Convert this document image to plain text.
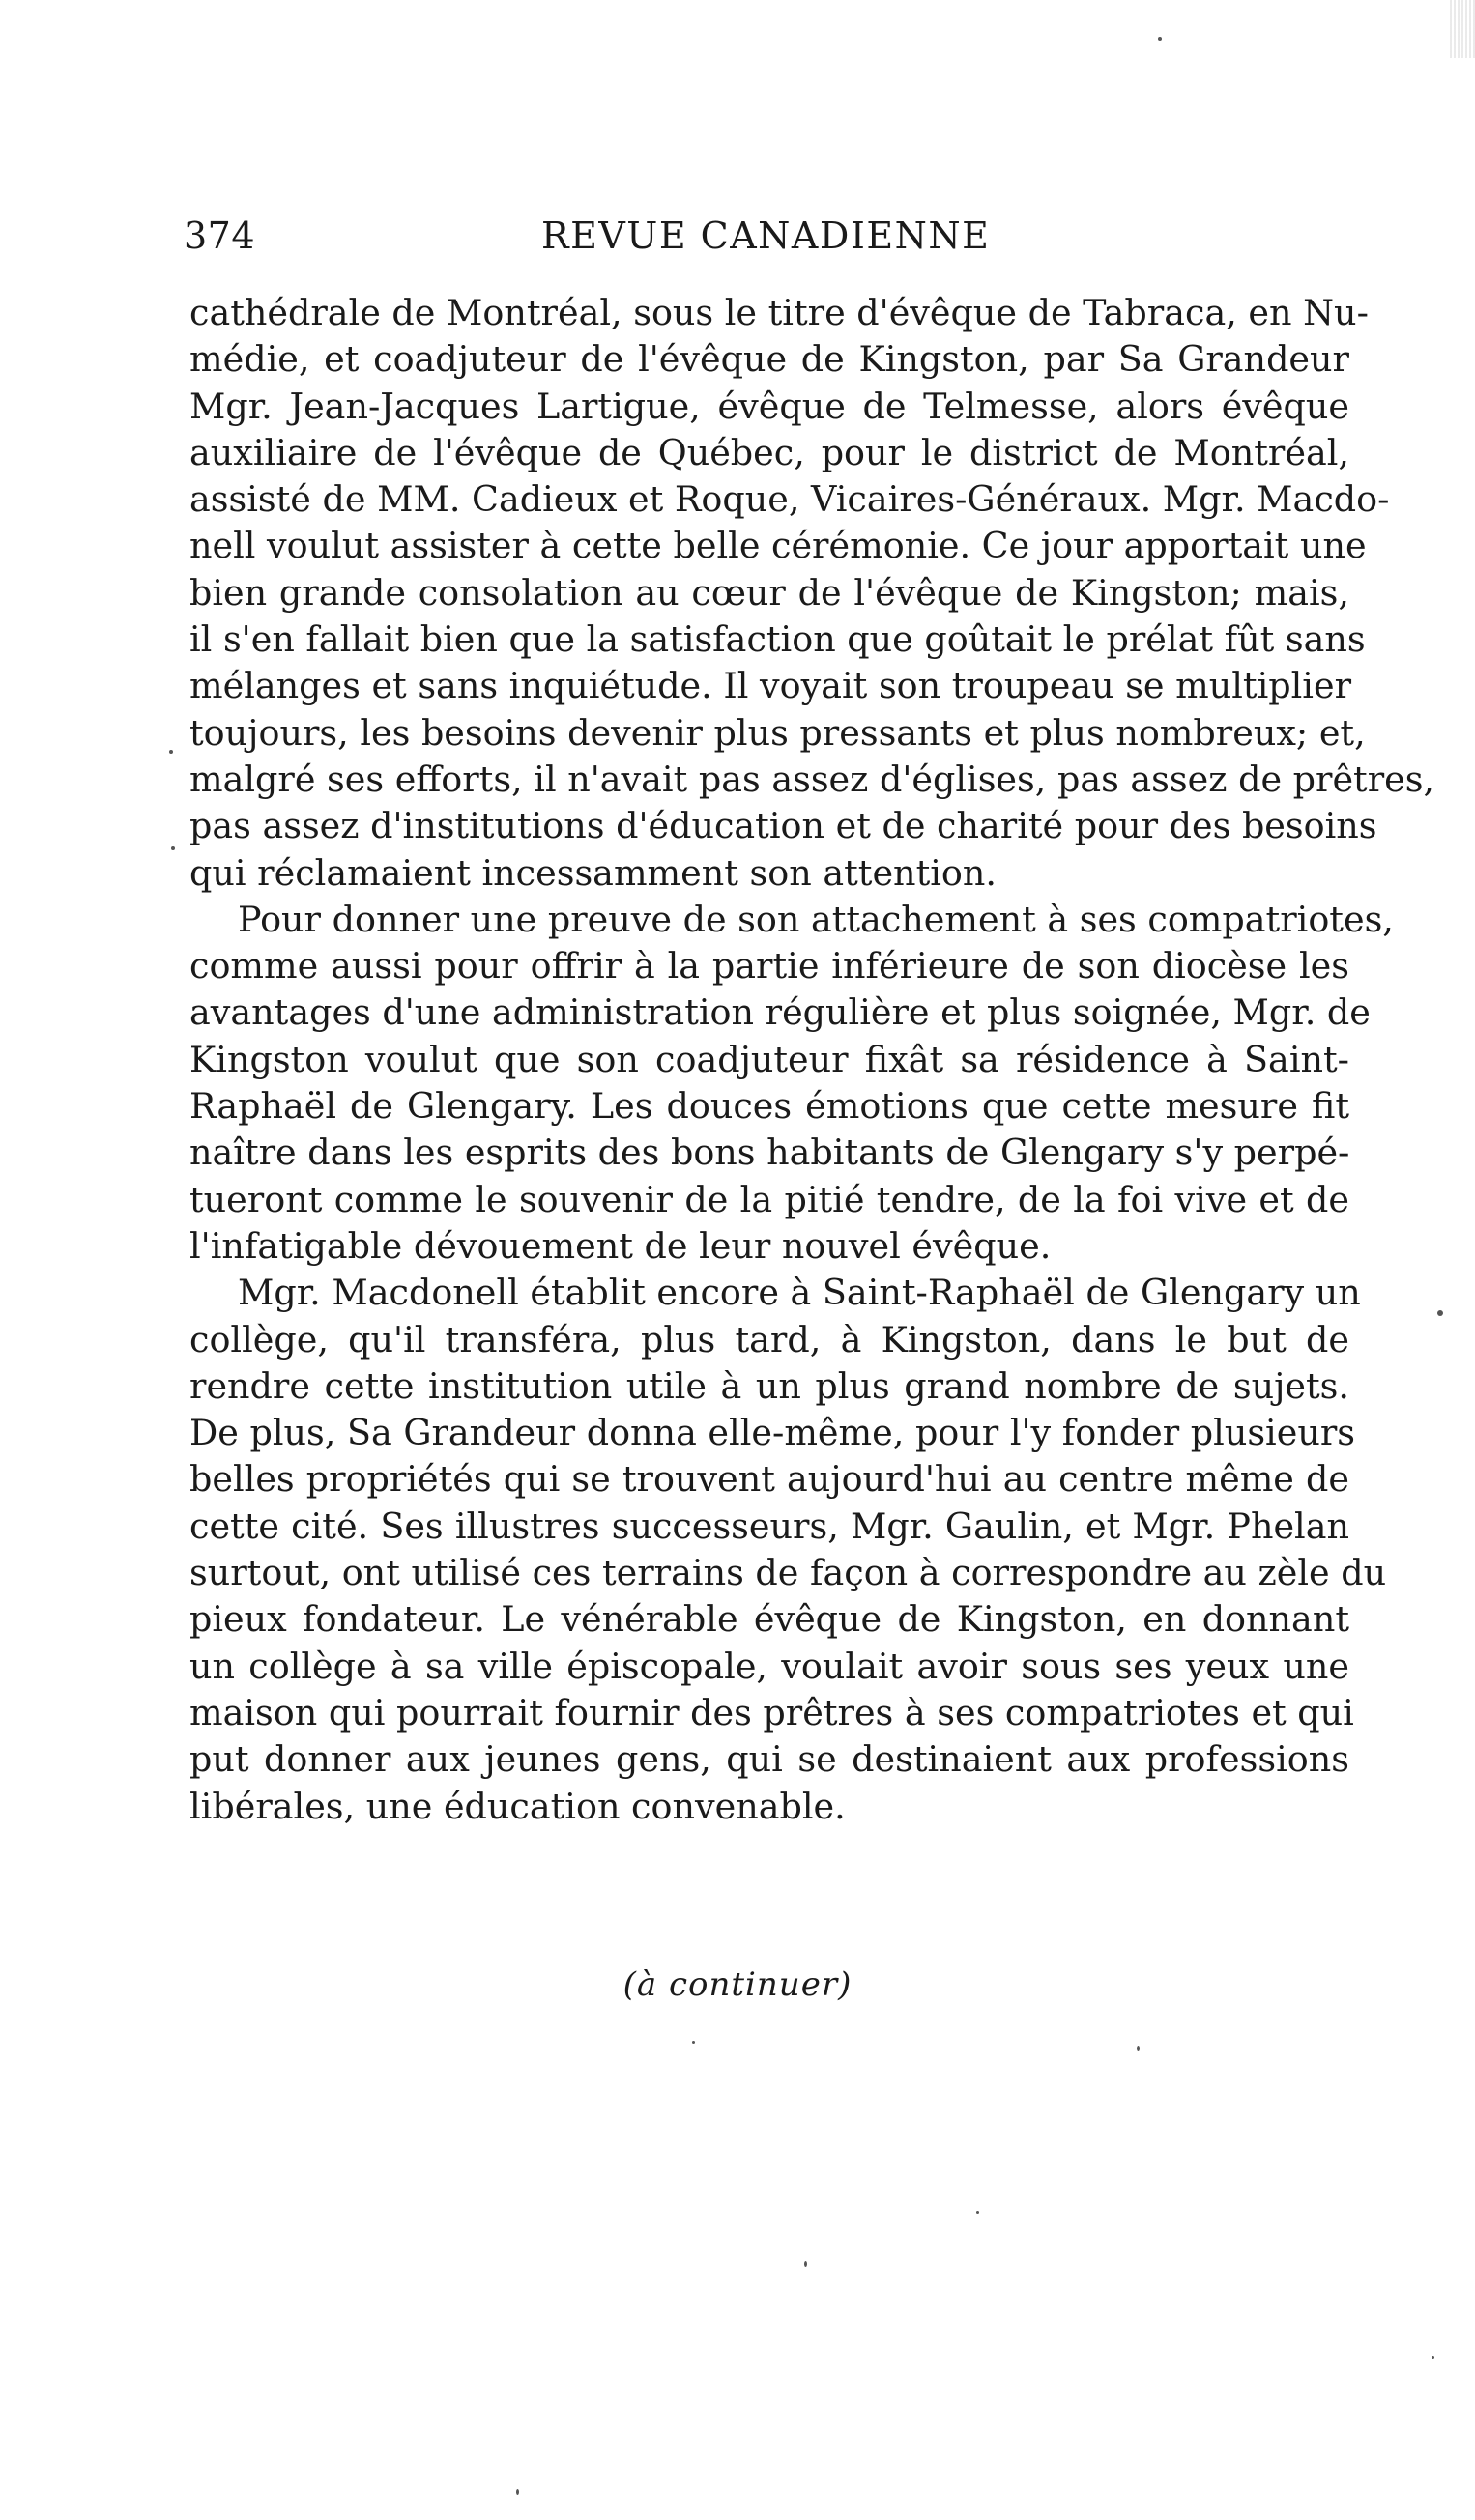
374	REVUE CANADIENNE
cathédrale de Montréal, sous le titre d'évêque de Tabraca, en Nu-
médie, et coadjuteur de l'évêque de Kingston, par Sa Grandeur
Mgr. Jean-Jacques Lartigue, évêque de Telmesse, alors évêque
auxiliaire de l'évêque de Québec, pour le district de Montréal,
assisté de MM. Cadieux et Roque, Vicaires-Généraux. Mgr. Macdo-
nell voulut assister à cette belle cérémonie. Ce jour apportait une
bien grande consolation au cœur de l'évêque de Kingston; mais,
il s'en fallait bien que la satisfaction que goûtait le prélat fût sans
mélanges et sans inquiétude. Il voyait son troupeau se multiplier
toujours, les besoins devenir plus pressants et plus nombreux; et,
malgré ses efforts, il n'avait pas assez d'églises, pas assez de prêtres,
pas assez d'institutions d'éducation et de charité pour des besoins
qui réclamaient incessamment son attention.
Pour donner une preuve de son attachement à ses compatriotes,
comme aussi pour offrir à la partie inférieure de son diocèse les
avantages d'une administration régulière et plus soignée, Mgr. de
Kingston voulut que son coadjuteur fixât sa résidence à Saint-
Raphaël de Glengary. Les douces émotions que cette mesure fit
naître dans les esprits des bons habitants de Glengary s'y perpé-
tueront comme le souvenir de la pitié tendre, de la foi vive et de
l'infatigable dévouement de leur nouvel évêque.
Mgr. Macdonell établit encore à Saint-Raphaël de Glengary un
collège, qu'il transféra, plus tard, à Kingston, dans le but de
rendre cette institution utile à un plus grand nombre de sujets.
De plus, Sa Grandeur donna elle-même, pour l'y fonder plusieurs
belles propriétés qui se trouvent aujourd'hui au centre même de
cette cité. Ses illustres successeurs, Mgr. Gaulin, et Mgr. Phelan
surtout, ont utilisé ces terrains de façon à correspondre au zèle du
pieux fondateur. Le vénérable évêque de Kingston, en donnant
un collège à sa ville épiscopale, voulait avoir sous ses yeux une
maison qui pourrait fournir des prêtres à ses compatriotes et qui
put donner aux jeunes gens, qui se destinaient aux professions
libérales, une éducation convenable.
(à continuer)
